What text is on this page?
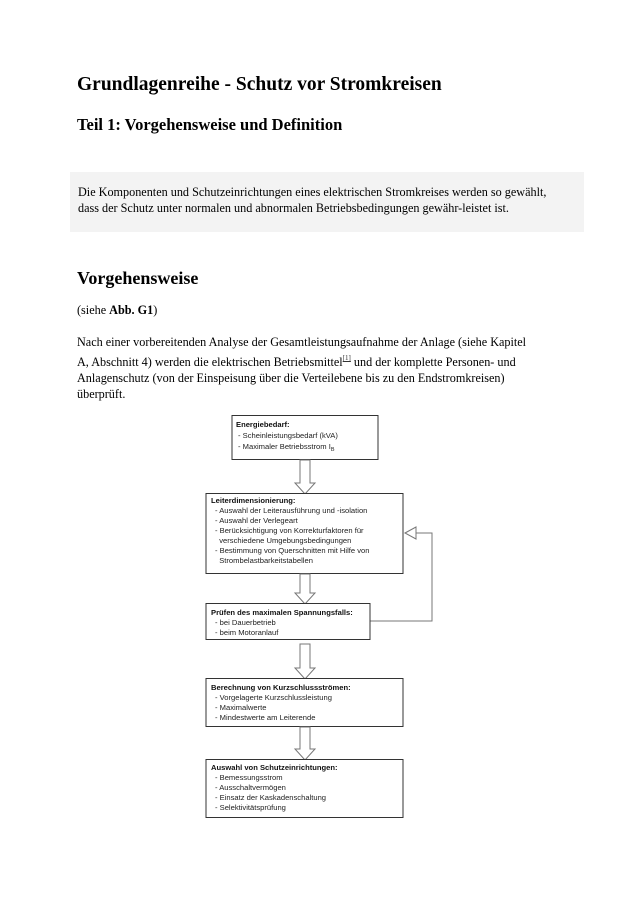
Grundlagenreihe - Schutz vor Stromkreisen
Teil 1: Vorgehensweise und Definition
Die Komponenten und Schutzeinrichtungen eines elektrischen Stromkreises werden so gewählt,
dass der Schutz unter normalen und abnormalen Betriebsbedingungen gewähr-leistet ist.
Vorgehensweise
(siehe Abb. G1)
Nach einer vorbereitenden Analyse der Gesamtleistungsaufnahme der Anlage (siehe Kapitel
A, Abschnitt 4) werden die elektrischen Betriebsmittel[1] und der komplette Personen- und
Anlagenschutz (von der Einspeisung über die Verteilebene bis zu den Endstromkreisen)
überprüft.
Energiebedarf:
- Scheinleistungsbedarf (kVA)
- Maximaler Betriebsstrom $I_B$
Leiterdimensionierung:
- Auswahl der Leiterausführung und -isolation
- Auswahl der Verlegeart
- Berücksichtigung von Korrekturfaktoren für
verschiedene Umgebungsbedingungen
- Bestimmung von Querschnitten mit Hilfe von
Strombelastbarkeitstabellen
Prüfen des maximalen Spannungsfalls:
- bei Dauerbetrieb
- beim Motoranlauf
Berechnung von Kurzschlussströmen:
- Vorgelagerte Kurzschlussleistung
- Maximalwerte
- Mindestwerte am Leiterende
Auswahl von Schutzeinrichtungen:
- Bemessungsstrom
- Ausschaltvermögen
- Einsatz der Kaskadenschaltung
- Selektivitätsprüfung
